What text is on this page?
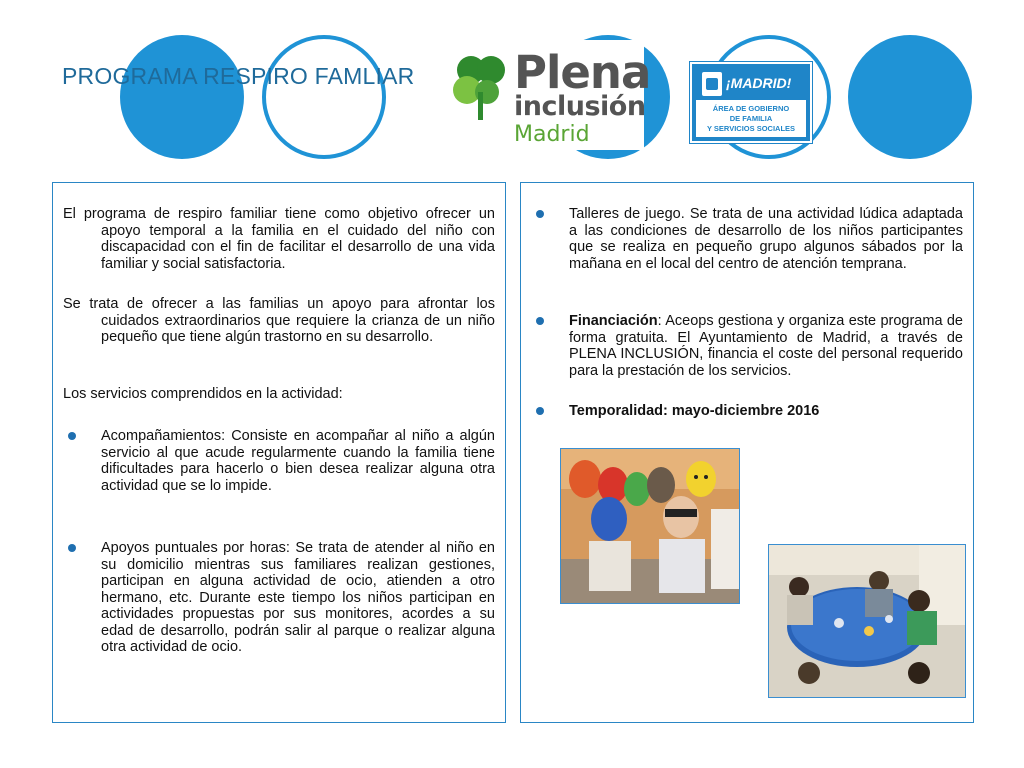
PROGRAMA RESPIRO FAMLIAR Plena
inclusión
Madrid
¡MADRID!
ÁREA DE GOBIERNO
DE FAMILIA
Y SERVICIOS SOCIALES
El programa de respiro familiar tiene como objetivo ofrecer un apoyo temporal a la familia en el cuidado del niño con discapacidad con el fin de facilitar el desarrollo de una vida familiar y social satisfactoria.
Se trata de ofrecer a las familias un apoyo para afrontar los cuidados extraordinarios que requiere la crianza de un niño pequeño que tiene algún trastorno en su desarrollo.
Los servicios comprendidos en la actividad:
Acompañamientos: Consiste en acompañar al niño a algún servicio al que acude regularmente cuando la familia tiene dificultades para hacerlo o bien desea realizar alguna otra actividad que se lo impide.
Apoyos puntuales por horas: Se trata de atender al niño en su domicilio mientras sus familiares realizan gestiones, participan en alguna actividad de ocio, atienden a otro hermano, etc. Durante este tiempo los niños participan en actividades propuestas por sus monitores, acordes a su edad de desarrollo, podrán salir al parque o realizar alguna otra actividad de ocio.
Talleres de juego. Se trata de una actividad lúdica adaptada a las condiciones de desarrollo de los niños participantes que se realiza en pequeño grupo algunos sábados por la mañana en el local del centro de atención temprana.
Financiación: Aceops gestiona y organiza este programa de forma gratuita. El Ayuntamiento de Madrid, a través de PLENA INCLUSIÓN, financia el coste del personal requerido para la prestación de los servicios.
Temporalidad: mayo-diciembre 2016
